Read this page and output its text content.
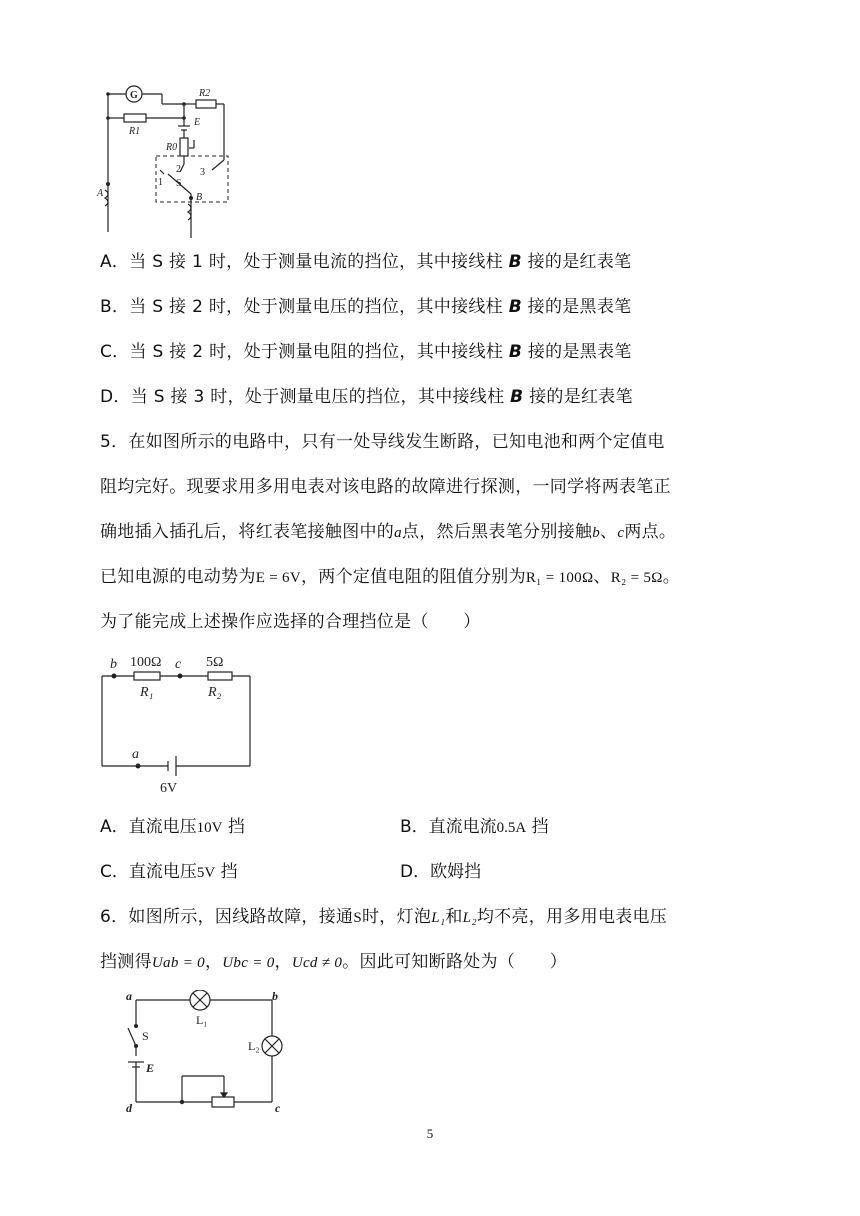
G	R2
R1
E
R0
1
2 3
S
A	B
A．当 S 接 1 时，处于测量电流的挡位，其中接线柱 B 接的是红表笔
B．当 S 接 2 时，处于测量电压的挡位，其中接线柱 B 接的是黑表笔
C．当 S 接 2 时，处于测量电阻的挡位，其中接线柱 B 接的是黑表笔
D．当 S 接 3 时，处于测量电压的挡位，其中接线柱 B 接的是红表笔
5．在如图所示的电路中，只有一处导线发生断路，已知电池和两个定值电
阻均完好。现要求用多用电表对该电路的故障进行探测，一同学将两表笔正
确地插入插孔后，将红表笔接触图中的a点，然后黑表笔分别接触b、c两点。
已知电源的电动势为E = 6V，两个定值电阻的阻值分别为R₁ = 100Ω、R₂ = 5Ω。
为了能完成上述操作应选择的合理挡位是（　　）
b	c
a
100Ω	5Ω
R₁	R₂
6V
A．直流电压10V 挡	B．直流电流0.5A 挡
C．直流电压5V 挡	D．欧姆挡
6．如图所示，因线路故障，接通S时，灯泡L₁和L₂均不亮，用多用电表电压
挡测得Uab = 0，Ubc = 0，Ucd ≠ 0。因此可知断路处为（　　）
a	b
c
d
S
E
L₁
L₂
5
